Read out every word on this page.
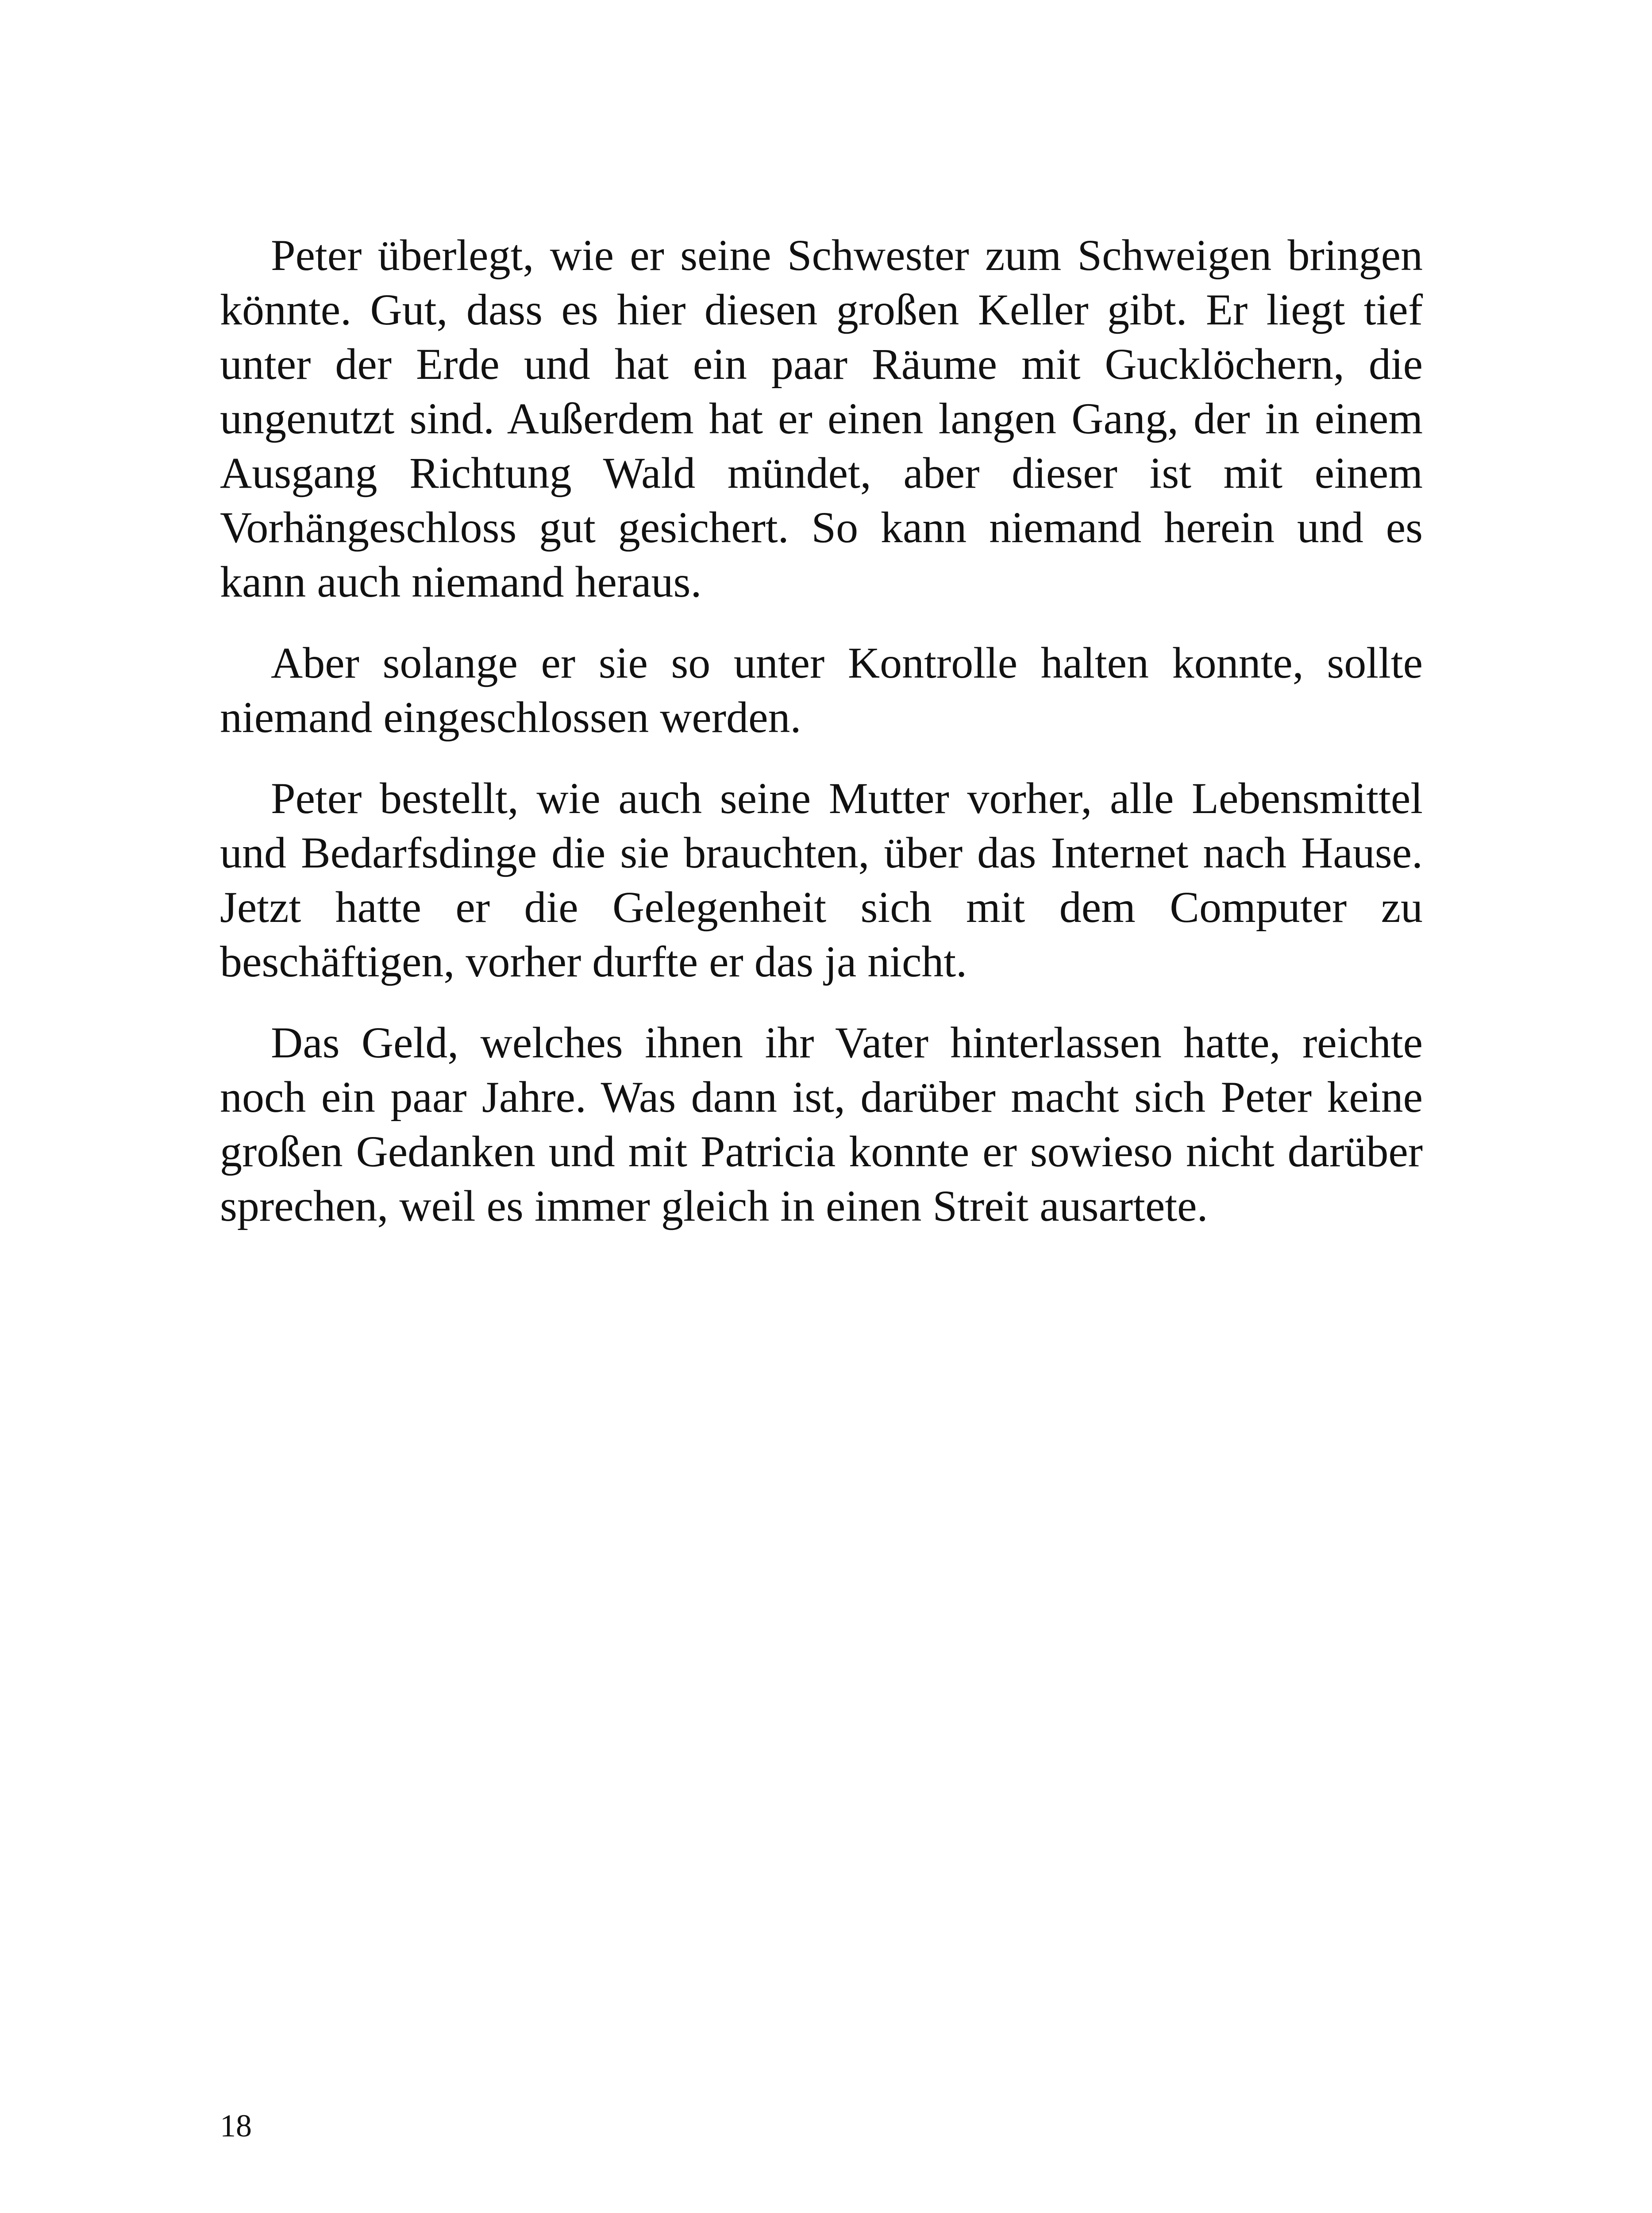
Peter überlegt, wie er seine Schwester zum Schweigen bringen könnte. Gut, dass es hier diesen großen Keller gibt. Er liegt tief unter der Erde und hat ein paar Räume mit Gucklöchern, die ungenutzt sind. Außerdem hat er einen langen Gang, der in einem Ausgang Richtung Wald mündet, aber dieser ist mit einem Vorhängeschloss gut gesichert. So kann niemand herein und es kann auch niemand heraus.

Aber solange er sie so unter Kontrolle halten konnte, sollte niemand eingeschlossen werden.

Peter bestellt, wie auch seine Mutter vorher, alle Lebensmittel und Bedarfsdinge die sie brauchten, über das Internet nach Hause. Jetzt hatte er die Gelegenheit sich mit dem Computer zu beschäftigen, vorher durfte er das ja nicht.

Das Geld, welches ihnen ihr Vater hinterlassen hatte, reichte noch ein paar Jahre. Was dann ist, darüber macht sich Peter keine großen Gedanken und mit Patricia konnte er sowieso nicht darüber sprechen, weil es immer gleich in einen Streit ausartete.

18
